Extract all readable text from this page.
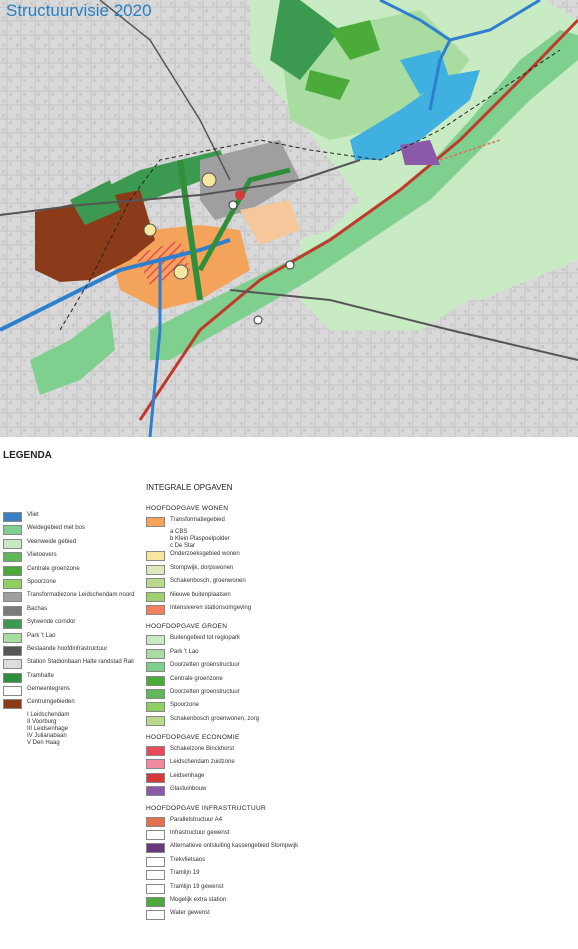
Structuurvisie 2020
LEGENDA
Vliet
Weidegebied met bos
Veenweide gebied
Vlietoevers
Centrale groenzone
Spoorzone
Transformatiezone Leidschendam noord
Bachas
Sytwende corridor
Park 't Lao
Bestaande hoofdinfrastructuur
Station Stadionbaan Halte randstad Rail
Tramhalte
Gemeentegrens
Centrumgebieden
I Leidschendam
II Voorburg
III Leidsenhage
IV Julianabaan
V Den Haag
INTEGRALE OPGAVEN
HOOFDOPGAVE WONEN
Transformatiegebied
a CBS
b Klein Plaspoelpolder
c De Star
Onderzoeksgebied wonen
Stompwijk, dorpswonen
Schakenbosch, groenwonen
Nieuwe buitenplaatsen
Intensiveren stationsomgeving
HOOFDOPGAVE GROEN
Buitengebied tot regiopark
Park 't Lao
Doorzetten groenstructuur
Centrale groenzone
Doorzetten groenstructuur
Spoorzone
Schakenbosch groenwonen, zorg
HOOFDOPGAVE ECONOMIE
Schakelzone Binckhorst
Leidschendam zuidzone
Leidsenhage
Glastuinbouw
HOOFDOPGAVE INFRASTRUCTUUR
Parallelstructuur A4
Infrastructuur gewenst
Alternatieve ontsluiting kassengebied Stompwijk
Trekvlietsaos
Tramlijn 19
Tramlijn 19 gewenst
Mogelijk extra station
Water gewenst
